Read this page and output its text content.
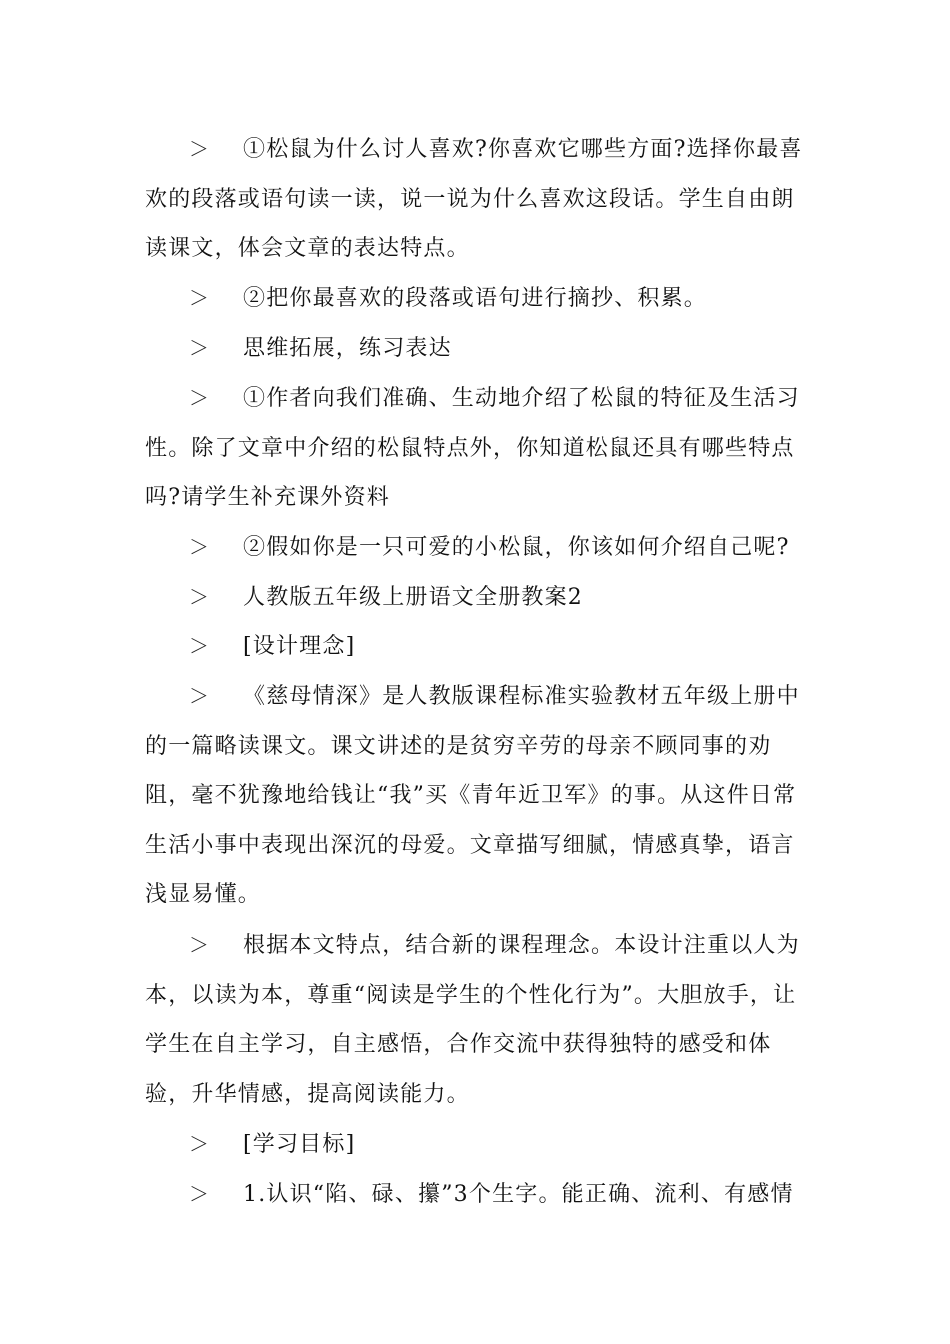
＞ ①松鼠为什么讨人喜欢?你喜欢它哪些方面?选择你最喜欢的段落或语句读一读，说一说为什么喜欢这段话。学生自由朗读课文，体会文章的表达特点。
＞ ②把你最喜欢的段落或语句进行摘抄、积累。
＞ 思维拓展，练习表达
＞ ①作者向我们准确、生动地介绍了松鼠的特征及生活习性。除了文章中介绍的松鼠特点外，你知道松鼠还具有哪些特点吗?请学生补充课外资料
＞ ②假如你是一只可爱的小松鼠，你该如何介绍自己呢?
＞ 人教版五年级上册语文全册教案2
＞ [设计理念]
＞ 《慈母情深》是人教版课程标准实验教材五年级上册中的一篇略读课文。课文讲述的是贫穷辛劳的母亲不顾同事的劝阻，毫不犹豫地给钱让“我”买《青年近卫军》的事。从这件日常生活小事中表现出深沉的母爱。文章描写细腻，情感真挚，语言浅显易懂。
＞ 根据本文特点，结合新的课程理念。本设计注重以人为本，以读为本，尊重“阅读是学生的个性化行为”。大胆放手，让学生在自主学习，自主感悟，合作交流中获得独特的感受和体验，升华情感，提高阅读能力。
＞ [学习目标]
＞ 1.认识“陷、碌、攥”3个生字。能正确、流利、有感情
